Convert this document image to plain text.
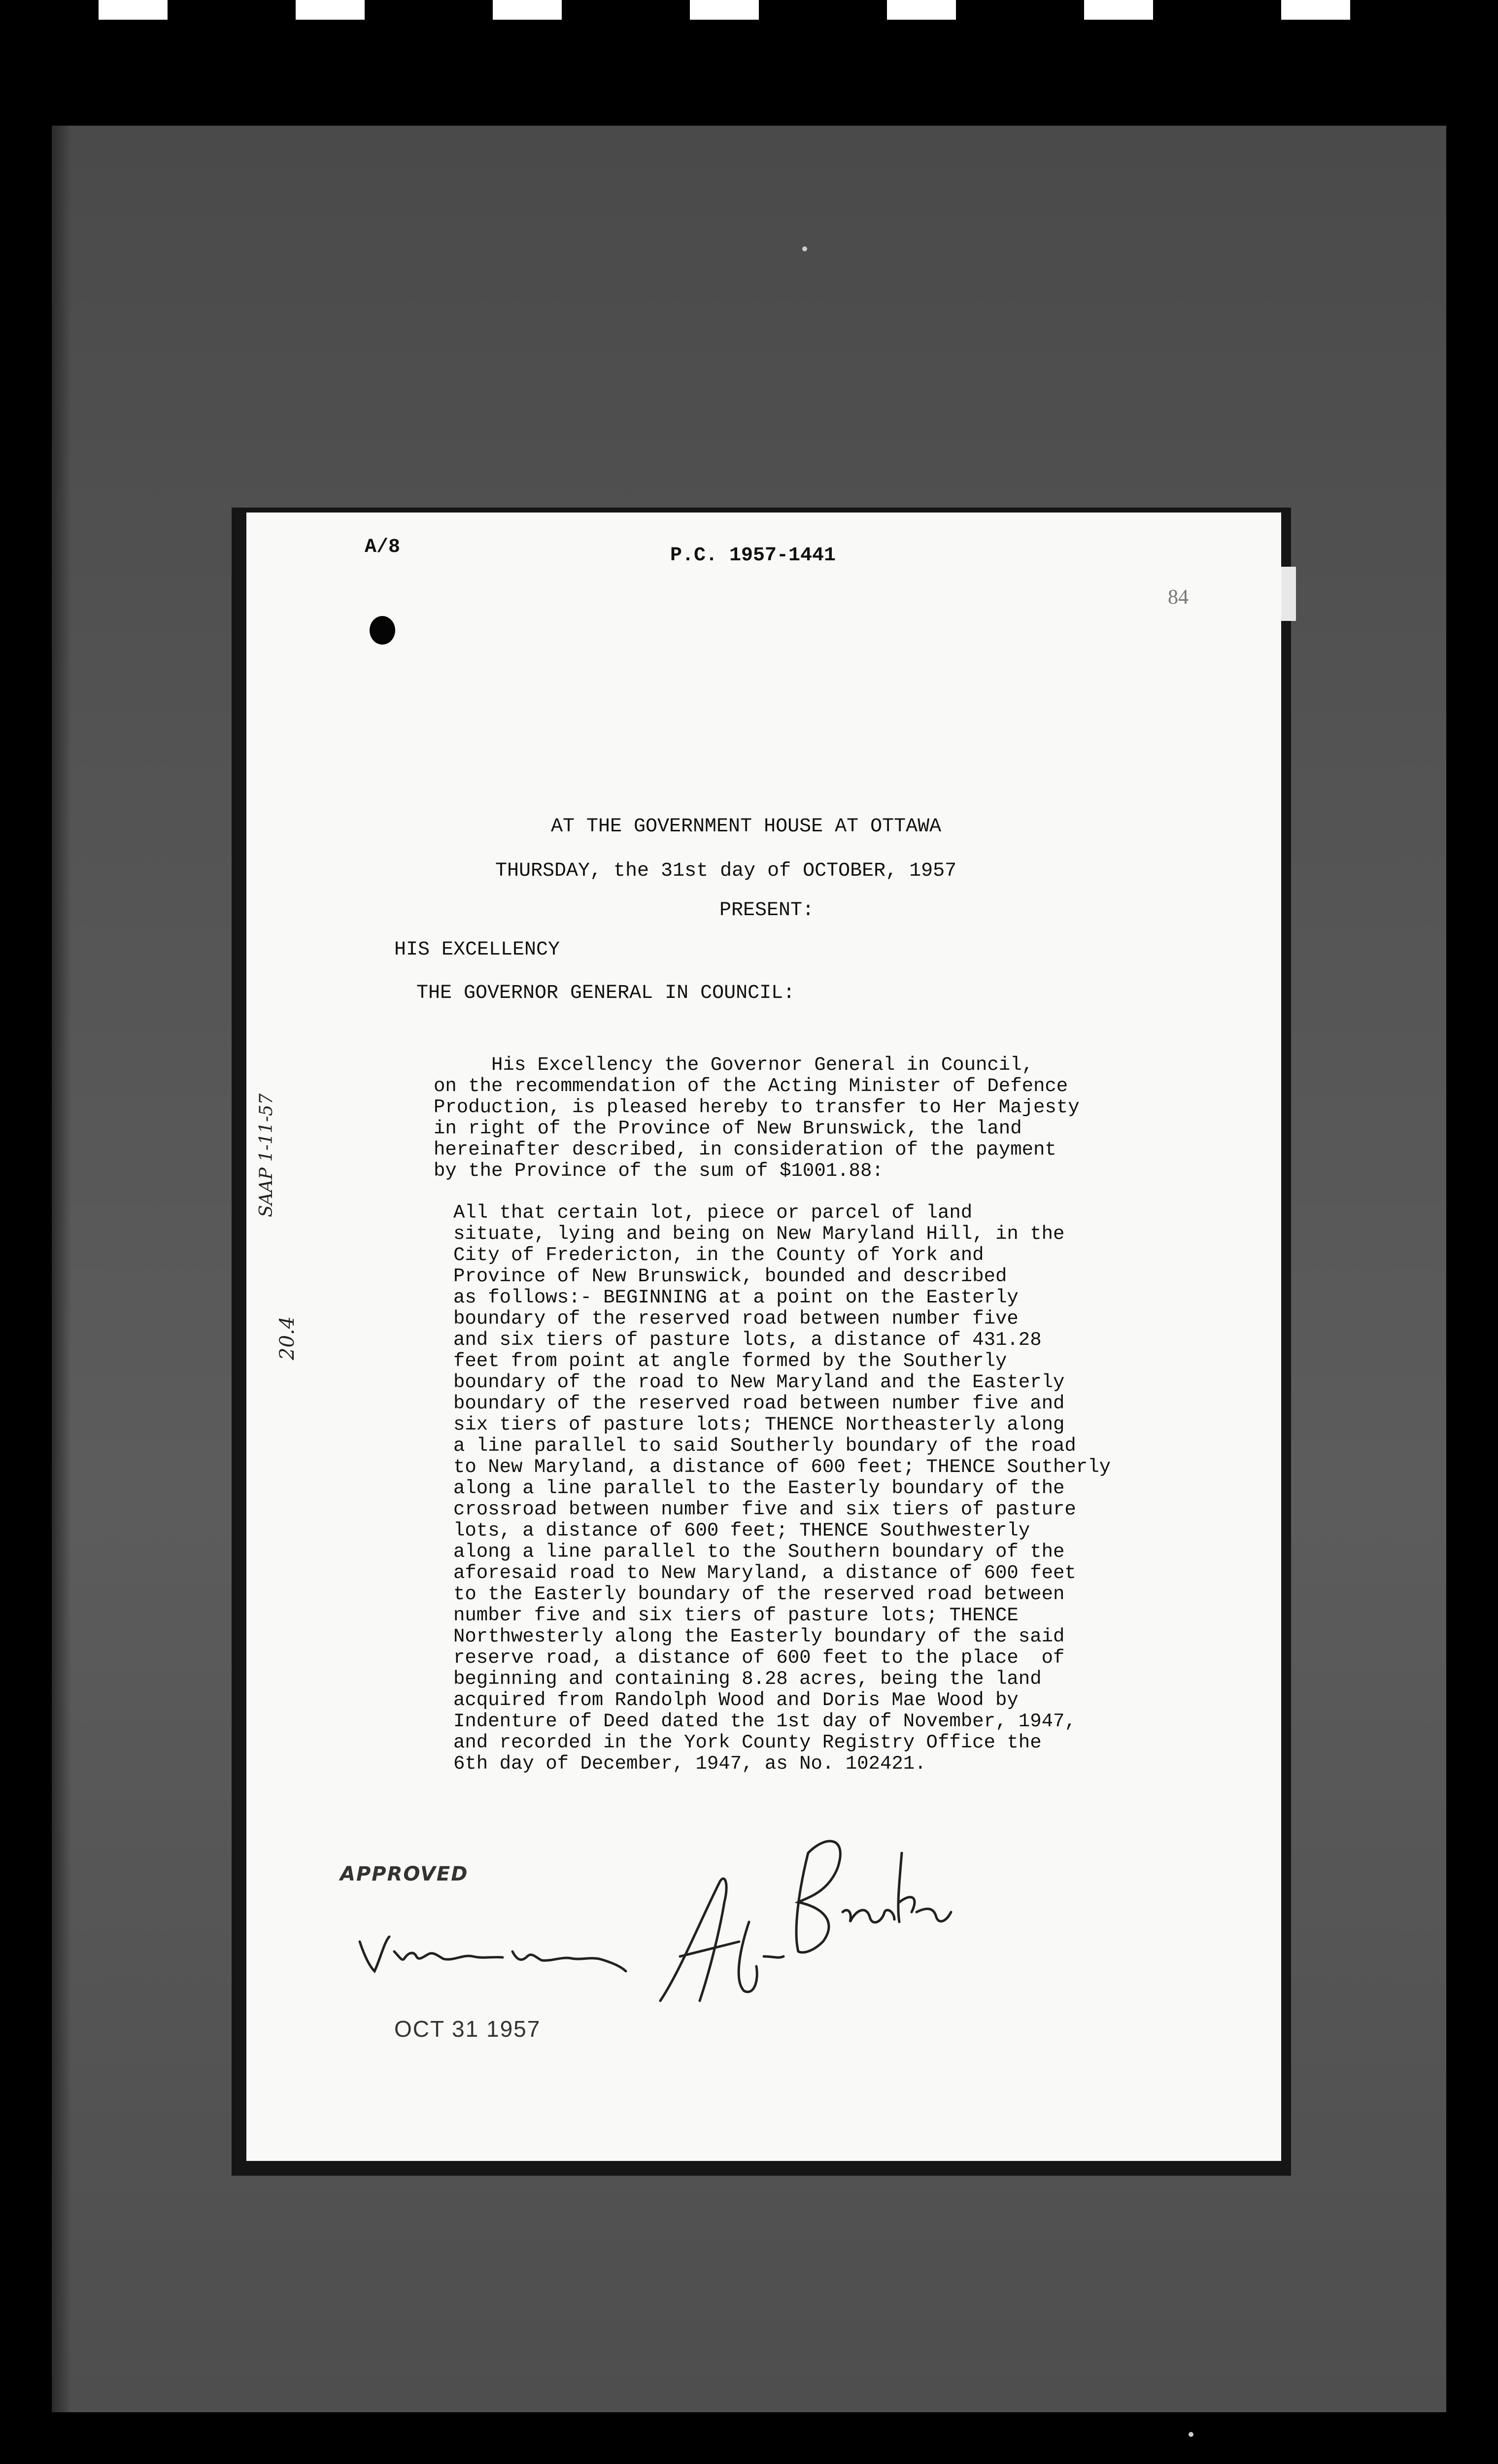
A/8	P.C. 1957-1441
84
AT THE GOVERNMENT HOUSE AT OTTAWA
THURSDAY, the 31st day of OCTOBER, 1957
PRESENT:
HIS EXCELLENCY
THE GOVERNOR GENERAL IN COUNCIL:
His Excellency the Governor General in Council,
on the recommendation of the Acting Minister of Defence
Production, is pleased hereby to transfer to Her Majesty
in right of the Province of New Brunswick, the land
hereinafter described, in consideration of the payment
by the Province of the sum of $1001.88:
All that certain lot, piece or parcel of land
situate, lying and being on New Maryland Hill, in the
City of Fredericton, in the County of York and
Province of New Brunswick, bounded and described
as follows:- BEGINNING at a point on the Easterly
boundary of the reserved road between number five
and six tiers of pasture lots, a distance of 431.28
feet from point at angle formed by the Southerly
boundary of the road to New Maryland and the Easterly
boundary of the reserved road between number five and
six tiers of pasture lots; THENCE Northeasterly along
a line parallel to said Southerly boundary of the road
to New Maryland, a distance of 600 feet; THENCE Southerly
along a line parallel to the Easterly boundary of the
crossroad between number five and six tiers of pasture
lots, a distance of 600 feet; THENCE Southwesterly
along a line parallel to the Southern boundary of the
aforesaid road to New Maryland, a distance of 600 feet
to the Easterly boundary of the reserved road between
number five and six tiers of pasture lots; THENCE
Northwesterly along the Easterly boundary of the said
reserve road, a distance of 600 feet to the place  of
beginning and containing 8.28 acres, being the land
acquired from Randolph Wood and Doris Mae Wood by
Indenture of Deed dated the 1st day of November, 1947,
and recorded in the York County Registry Office the
6th day of December, 1947, as No. 102421.
SAAP 1-11-57
20.4
APPROVED
OCT 31 1957
